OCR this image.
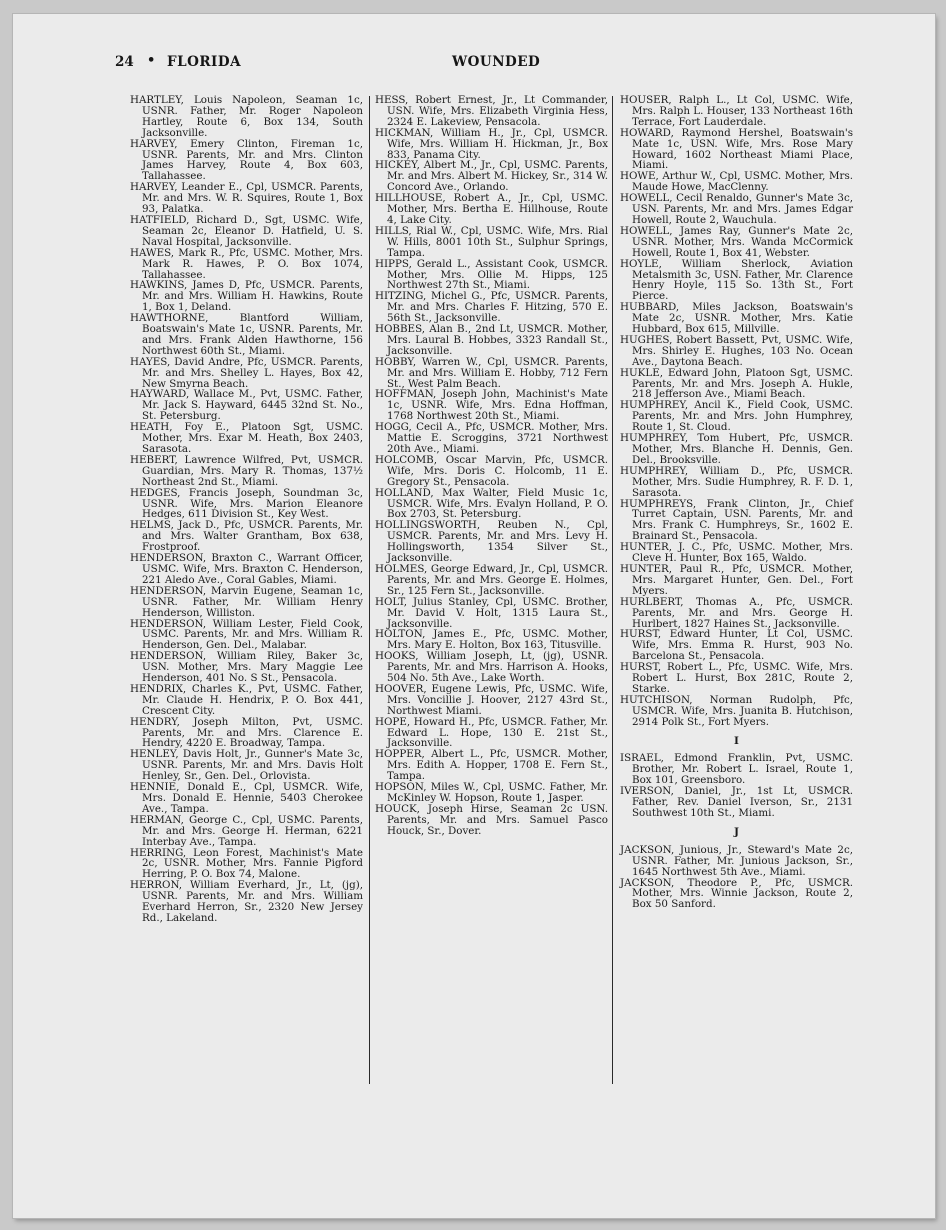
24 • FLORIDA	WOUNDED

HARTLEY, Louis Napoleon, Seaman 1c, USNR. Father, Mr. Roger Napoleon Hartley, Route 6, Box 134, South Jacksonville.

HARVEY, Emery Clinton, Fireman 1c, USNR. Parents, Mr. and Mrs. Clinton James Harvey, Route 4, Box 603, Tallahassee.

HARVEY, Leander E., Cpl, USMCR. Parents, Mr. and Mrs. W. R. Squires, Route 1, Box 93, Palatka.

HATFIELD, Richard D., Sgt, USMC. Wife, Seaman 2c, Eleanor D. Hatfield, U. S. Naval Hospital, Jacksonville.

HAWES, Mark R., Pfc, USMC. Mother, Mrs. Mark R. Hawes, P. O. Box 1074, Tallahassee.

HAWKINS, James D, Pfc, USMCR. Parents, Mr. and Mrs. William H. Hawkins, Route 1, Box 1, Deland.

HAWTHORNE, Blantford William, Boatswain's Mate 1c, USNR. Parents, Mr. and Mrs. Frank Alden Hawthorne, 156 Northwest 60th St., Miami.

HAYES, David Andre, Pfc, USMCR. Parents, Mr. and Mrs. Shelley L. Hayes, Box 42, New Smyrna Beach.

HAYWARD, Wallace M., Pvt, USMC. Father, Mr. Jack S. Hayward, 6445 32nd St. No., St. Petersburg.

HEATH, Foy E., Platoon Sgt, USMC. Mother, Mrs. Exar M. Heath, Box 2403, Sarasota.

HEBERT, Lawrence Wilfred, Pvt, USMCR. Guardian, Mrs. Mary R. Thomas, 137½ Northeast 2nd St., Miami.

HEDGES, Francis Joseph, Soundman 3c, USNR. Wife, Mrs. Marion Eleanore Hedges, 611 Division St., Key West.

HELMS, Jack D., Pfc, USMCR. Parents, Mr. and Mrs. Walter Grantham, Box 638, Frostproof.

HENDERSON, Braxton C., Warrant Officer, USMC. Wife, Mrs. Braxton C. Henderson, 221 Aledo Ave., Coral Gables, Miami.

HENDERSON, Marvin Eugene, Seaman 1c, USNR. Father, Mr. William Henry Henderson, Williston.

HENDERSON, William Lester, Field Cook, USMC. Parents, Mr. and Mrs. William R. Henderson, Gen. Del., Malabar.

HENDERSON, William Riley, Baker 3c, USN. Mother, Mrs. Mary Maggie Lee Henderson, 401 No. S St., Pensacola.

HENDRIX, Charles K., Pvt, USMC. Father, Mr. Claude H. Hendrix, P. O. Box 441, Crescent City.

HENDRY, Joseph Milton, Pvt, USMC. Parents, Mr. and Mrs. Clarence E. Hendry, 4220 E. Broadway, Tampa.

HENLEY, Davis Holt, Jr., Gunner's Mate 3c, USNR. Parents, Mr. and Mrs. Davis Holt Henley, Sr., Gen. Del., Orlovista.

HENNIE, Donald E., Cpl, USMCR. Wife, Mrs. Donald E. Hennie, 5403 Cherokee Ave., Tampa.

HERMAN, George C., Cpl, USMC. Parents, Mr. and Mrs. George H. Herman, 6221 Interbay Ave., Tampa.

HERRING, Leon Forest, Machinist's Mate 2c, USNR. Mother, Mrs. Fannie Pigford Herring, P. O. Box 74, Malone.

HERRON, William Everhard, Jr., Lt, (jg), USNR. Parents, Mr. and Mrs. William Everhard Herron, Sr., 2320 New Jersey Rd., Lakeland.

HESS, Robert Ernest, Jr., Lt Commander, USN. Wife, Mrs. Elizabeth Virginia Hess, 2324 E. Lakeview, Pensacola.

HICKMAN, William H., Jr., Cpl, USMCR. Wife, Mrs. William H. Hickman, Jr., Box 833, Panama City.

HICKEY, Albert M., Jr., Cpl, USMC. Parents, Mr. and Mrs. Albert M. Hickey, Sr., 314 W. Concord Ave., Orlando.

HILLHOUSE, Robert A., Jr., Cpl, USMC. Mother, Mrs. Bertha E. Hillhouse, Route 4, Lake City.

HILLS, Rial W., Cpl, USMC. Wife, Mrs. Rial W. Hills, 8001 10th St., Sulphur Springs, Tampa.

HIPPS, Gerald L., Assistant Cook, USMCR. Mother, Mrs. Ollie M. Hipps, 125 Northwest 27th St., Miami.

HITZING, Michel G., Pfc, USMCR. Parents, Mr. and Mrs. Charles F. Hitzing, 570 E. 56th St., Jacksonville.

HOBBES, Alan B., 2nd Lt, USMCR. Mother, Mrs. Laural B. Hobbes, 3323 Randall St., Jacksonville.

HOBBY, Warren W., Cpl, USMCR. Parents, Mr. and Mrs. William E. Hobby, 712 Fern St., West Palm Beach.

HOFFMAN, Joseph John, Machinist's Mate 1c, USNR. Wife, Mrs. Edna Hoffman, 1768 Northwest 20th St., Miami.

HOGG, Cecil A., Pfc, USMCR. Mother, Mrs. Mattie E. Scroggins, 3721 Northwest 20th Ave., Miami.

HOLCOMB, Oscar Marvin, Pfc, USMCR. Wife, Mrs. Doris C. Holcomb, 11 E. Gregory St., Pensacola.

HOLLAND, Max Walter, Field Music 1c, USMCR. Wife, Mrs. Evalyn Holland, P. O. Box 2703, St. Petersburg.

HOLLINGSWORTH, Reuben N., Cpl, USMCR. Parents, Mr. and Mrs. Levy H. Hollingsworth, 1354 Silver St., Jacksonville.

HOLMES, George Edward, Jr., Cpl, USMCR. Parents, Mr. and Mrs. George E. Holmes, Sr., 125 Fern St., Jacksonville.

HOLT, Julius Stanley, Cpl, USMC. Brother, Mr. David V. Holt, 1315 Laura St., Jacksonville.

HOLTON, James E., Pfc, USMC. Mother, Mrs. Mary E. Holton, Box 163, Titusville.

HOOKS, William Joseph, Lt, (jg), USNR. Parents, Mr. and Mrs. Harrison A. Hooks, 504 No. 5th Ave., Lake Worth.

HOOVER, Eugene Lewis, Pfc, USMC. Wife, Mrs. Voncillie J. Hoover, 2127 43rd St., Northwest Miami.

HOPE, Howard H., Pfc, USMCR. Father, Mr. Edward L. Hope, 130 E. 21st St., Jacksonville.

HOPPER, Albert L., Pfc, USMCR. Mother, Mrs. Edith A. Hopper, 1708 E. Fern St., Tampa.

HOPSON, Miles W., Cpl, USMC. Father, Mr. McKinley W. Hopson, Route 1, Jasper.

HOUCK, Joseph Hirse, Seaman 2c USN. Parents, Mr. and Mrs. Samuel Pasco Houck, Sr., Dover.

HOUSER, Ralph L., Lt Col, USMC. Wife, Mrs. Ralph L. Houser, 133 Northeast 16th Terrace, Fort Lauderdale.

HOWARD, Raymond Hershel, Boatswain's Mate 1c, USN. Wife, Mrs. Rose Mary Howard, 1602 Northeast Miami Place, Miami.

HOWE, Arthur W., Cpl, USMC. Mother, Mrs. Maude Howe, MacClenny.

HOWELL, Cecil Renaldo, Gunner's Mate 3c, USN. Parents, Mr. and Mrs. James Edgar Howell, Route 2, Wauchula.

HOWELL, James Ray, Gunner's Mate 2c, USNR. Mother, Mrs. Wanda McCormick Howell, Route 1, Box 41, Webster.

HOYLE, William Sherlock, Aviation Metalsmith 3c, USN. Father, Mr. Clarence Henry Hoyle, 115 So. 13th St., Fort Pierce.

HUBBARD, Miles Jackson, Boatswain's Mate 2c, USNR. Mother, Mrs. Katie Hubbard, Box 615, Millville.

HUGHES, Robert Bassett, Pvt, USMC. Wife, Mrs. Shirley E. Hughes, 103 No. Ocean Ave., Daytona Beach.

HUKLE, Edward John, Platoon Sgt, USMC. Parents, Mr. and Mrs. Joseph A. Hukle, 218 Jefferson Ave., Miami Beach.

HUMPHREY, Ancil K., Field Cook, USMC. Parents, Mr. and Mrs. John Humphrey, Route 1, St. Cloud.

HUMPHREY, Tom Hubert, Pfc, USMCR. Mother, Mrs. Blanche H. Dennis, Gen. Del., Brooksville.

HUMPHREY, William D., Pfc, USMCR. Mother, Mrs. Sudie Humphrey, R. F. D. 1, Sarasota.

HUMPHREYS, Frank Clinton, Jr., Chief Turret Captain, USN. Parents, Mr. and Mrs. Frank C. Humphreys, Sr., 1602 E. Brainard St., Pensacola.

HUNTER, J. C., Pfc, USMC. Mother, Mrs. Cleve H. Hunter, Box 165, Waldo.

HUNTER, Paul R., Pfc, USMCR. Mother, Mrs. Margaret Hunter, Gen. Del., Fort Myers.

HURLBERT, Thomas A., Pfc, USMCR. Parents, Mr. and Mrs. George H. Hurlbert, 1827 Haines St., Jacksonville.

HURST, Edward Hunter, Lt Col, USMC. Wife, Mrs. Emma R. Hurst, 903 No. Barcelona St., Pensacola.

HURST, Robert L., Pfc, USMC. Wife, Mrs. Robert L. Hurst, Box 281C, Route 2, Starke.

HUTCHISON, Norman Rudolph, Pfc, USMCR. Wife, Mrs. Juanita B. Hutchison, 2914 Polk St., Fort Myers.

I

ISRAEL, Edmond Franklin, Pvt, USMC. Brother, Mr. Robert L. Israel, Route 1, Box 101, Greensboro.

IVERSON, Daniel, Jr., 1st Lt, USMCR. Father, Rev. Daniel Iverson, Sr., 2131 Southwest 10th St., Miami.

J

JACKSON, Junious, Jr., Steward's Mate 2c, USNR. Father, Mr. Junious Jackson, Sr., 1645 Northwest 5th Ave., Miami.

JACKSON, Theodore P., Pfc, USMCR. Mother, Mrs. Winnie Jackson, Route 2, Box 50 Sanford.
